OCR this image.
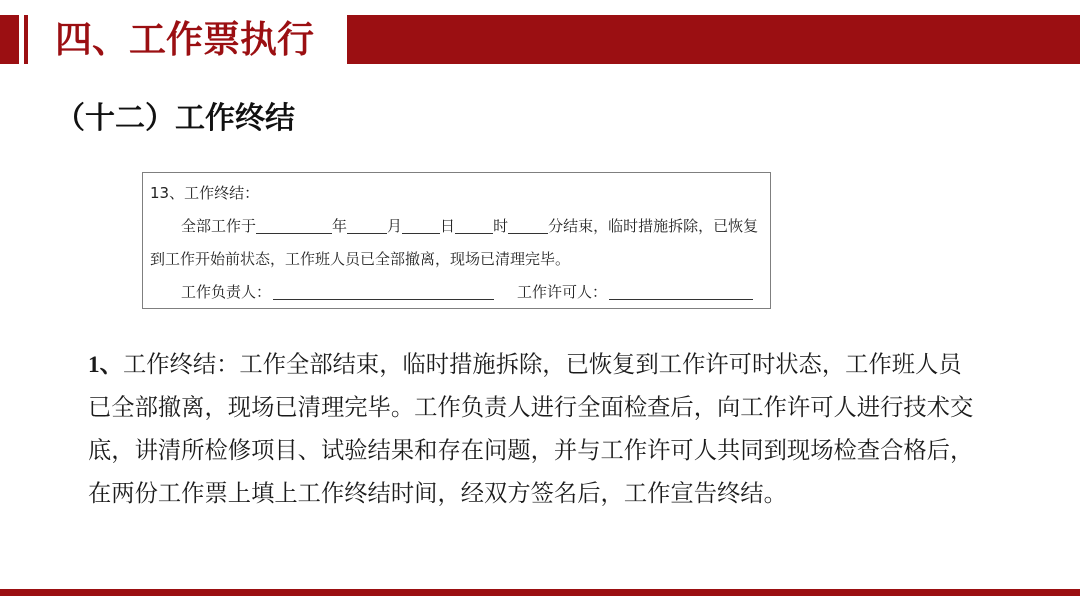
四、工作票执行
（十二）工作终结
13、工作终结：
全部工作于	年	月	日	时	分结束，临时措施拆除，已恢复
到工作开始前状态，工作班人员已全部撤离，现场已清理完毕。
工作负责人：	工作许可人：
1、工作终结：工作全部结束，临时措施拆除，已恢复到工作许可时状态，工作班人员
已全部撤离，现场已清理完毕。工作负责人进行全面检查后，向工作许可人进行技术交
底，讲清所检修项目、试验结果和存在问题，并与工作许可人共同到现场检查合格后，
在两份工作票上填上工作终结时间，经双方签名后，工作宣告终结。
